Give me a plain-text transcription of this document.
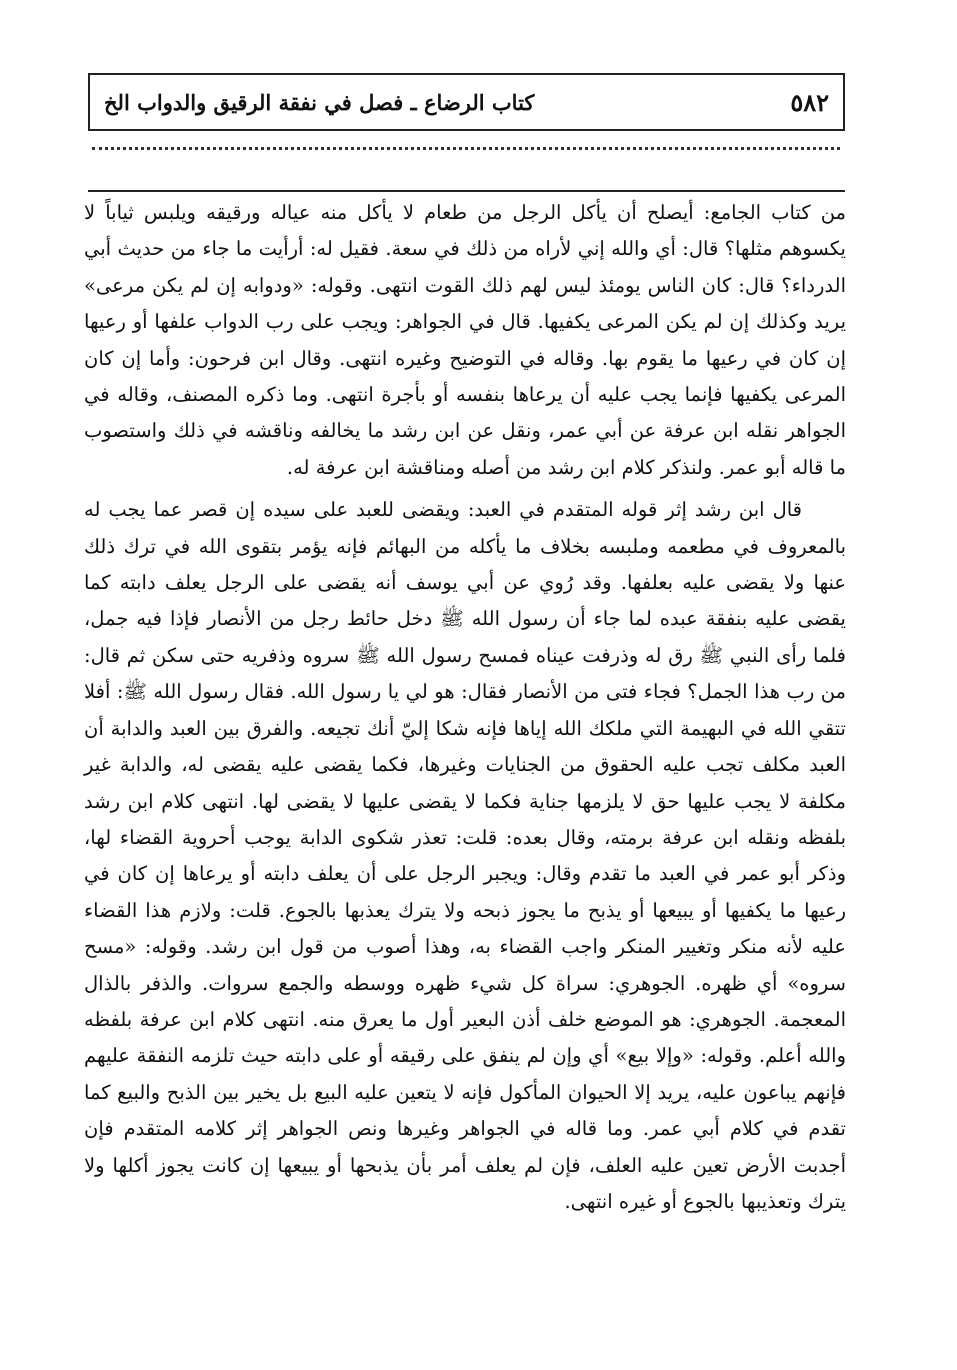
٥٨٢
كتاب الرضاع ـ فصل في نفقة الرقيق والدواب الخ

من كتاب الجامع: أيصلح أن يأكل الرجل من طعام لا يأكل منه عياله ورقيقه ويلبس ثياباً لا يكسوهم مثلها؟ قال: أي والله إني لأراه من ذلك في سعة. فقيل له: أرأيت ما جاء من حديث أبي الدرداء؟ قال: كان الناس يومئذ ليس لهم ذلك القوت انتهى. وقوله: «ودوابه إن لم يكن مرعى» يريد وكذلك إن لم يكن المرعى يكفيها. قال في الجواهر: ويجب على رب الدواب علفها أو رعيها إن كان في رعيها ما يقوم بها. وقاله في التوضيح وغيره انتهى. وقال ابن فرحون: وأما إن كان المرعى يكفيها فإنما يجب عليه أن يرعاها بنفسه أو بأجرة انتهى. وما ذكره المصنف، وقاله في الجواهر نقله ابن عرفة عن أبي عمر، ونقل عن ابن رشد ما يخالفه وناقشه في ذلك واستصوب ما قاله أبو عمر. ولنذكر كلام ابن رشد من أصله ومناقشة ابن عرفة له.

قال ابن رشد إثر قوله المتقدم في العبد: ويقضى للعبد على سيده إن قصر عما يجب له بالمعروف في مطعمه وملبسه بخلاف ما يأكله من البهائم فإنه يؤمر بتقوى الله في ترك ذلك عنها ولا يقضى عليه بعلفها. وقد رُوي عن أبي يوسف أنه يقضى على الرجل يعلف دابته كما يقضى عليه بنفقة عبده لما جاء أن رسول الله ﷺ دخل حائط رجل من الأنصار فإذا فيه جمل، فلما رأى النبي ﷺ رق له وذرفت عيناه فمسح رسول الله ﷺ سروه وذفريه حتى سكن ثم قال: من رب هذا الجمل؟ فجاء فتى من الأنصار فقال: هو لي يا رسول الله. فقال رسول الله ﷺ: أفلا تتقي الله في البهيمة التي ملكك الله إياها فإنه شكا إليّ أنك تجيعه. والفرق بين العبد والدابة أن العبد مكلف تجب عليه الحقوق من الجنايات وغيرها، فكما يقضى عليه يقضى له، والدابة غير مكلفة لا يجب عليها حق لا يلزمها جناية فكما لا يقضى عليها لا يقضى لها. انتهى كلام ابن رشد بلفظه ونقله ابن عرفة برمته، وقال بعده: قلت: تعذر شكوى الدابة يوجب أحروية القضاء لها، وذكر أبو عمر في العبد ما تقدم وقال: ويجبر الرجل على أن يعلف دابته أو يرعاها إن كان في رعيها ما يكفيها أو يبيعها أو يذبح ما يجوز ذبحه ولا يترك يعذبها بالجوع. قلت: ولازم هذا القضاء عليه لأنه منكر وتغيير المنكر واجب القضاء به، وهذا أصوب من قول ابن رشد. وقوله: «مسح سروه» أي ظهره. الجوهري: سراة كل شيء ظهره ووسطه والجمع سروات. والذفر بالذال المعجمة. الجوهري: هو الموضع خلف أذن البعير أول ما يعرق منه. انتهى كلام ابن عرفة بلفظه والله أعلم. وقوله: «وإلا بيع» أي وإن لم ينفق على رقيقه أو على دابته حيث تلزمه النفقة عليهم فإنهم يباعون عليه، يريد إلا الحيوان المأكول فإنه لا يتعين عليه البيع بل يخير بين الذبح والبيع كما تقدم في كلام أبي عمر. وما قاله في الجواهر وغيرها ونص الجواهر إثر كلامه المتقدم فإن أجدبت الأرض تعين عليه العلف، فإن لم يعلف أمر بأن يذبحها أو يبيعها إن كانت يجوز أكلها ولا يترك وتعذيبها بالجوع أو غيره انتهى.
